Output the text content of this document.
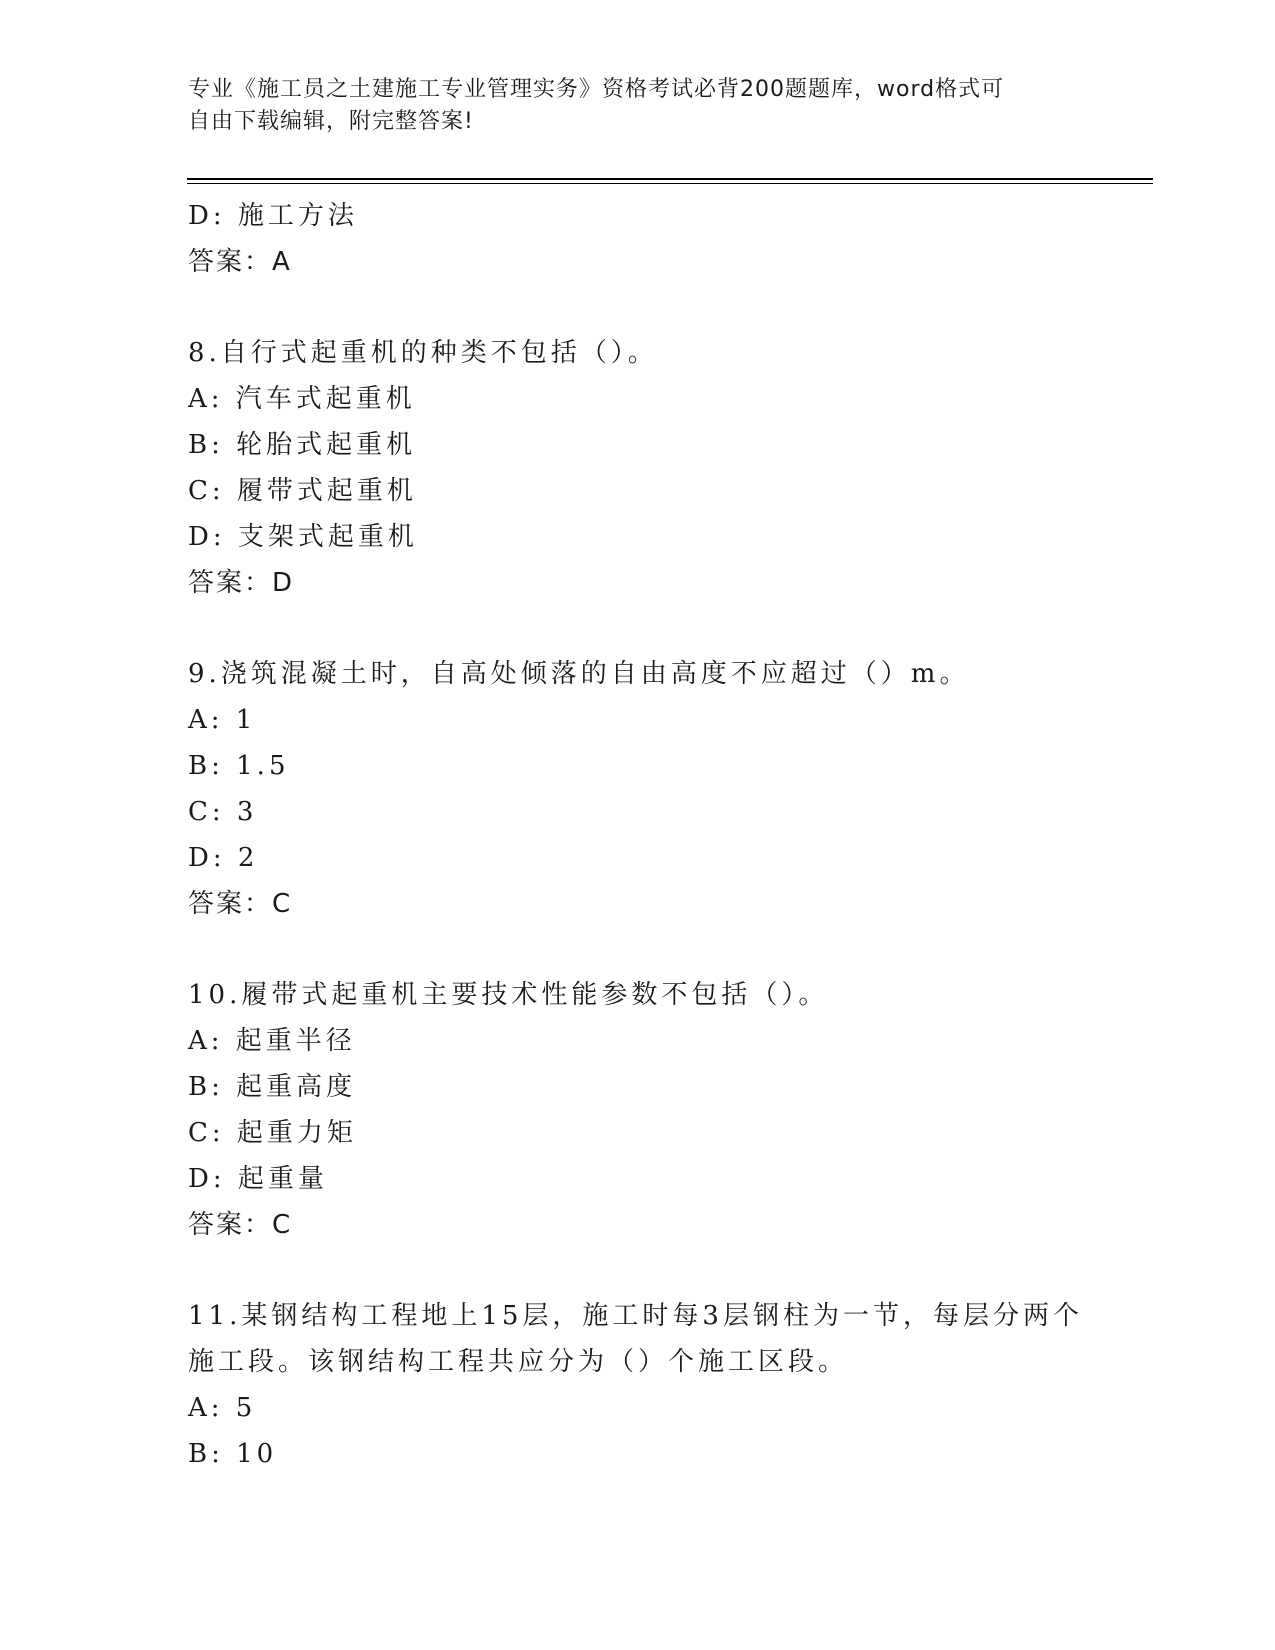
专业《施工员之土建施工专业管理实务》资格考试必背200题题库，word格式可
自由下载编辑，附完整答案!
D: 施工方法
答案：A
8.自行式起重机的种类不包括（）。
A: 汽车式起重机
B: 轮胎式起重机
C: 履带式起重机
D: 支架式起重机
答案：D
9.浇筑混凝土时，自高处倾落的自由高度不应超过（）m。
A: 1
B: 1.5
C: 3
D: 2
答案：C
10.履带式起重机主要技术性能参数不包括（）。
A: 起重半径
B: 起重高度
C: 起重力矩
D: 起重量
答案：C
11.某钢结构工程地上15层，施工时每3层钢柱为一节，每层分两个
施工段。该钢结构工程共应分为（）个施工区段。
A: 5
B: 10
